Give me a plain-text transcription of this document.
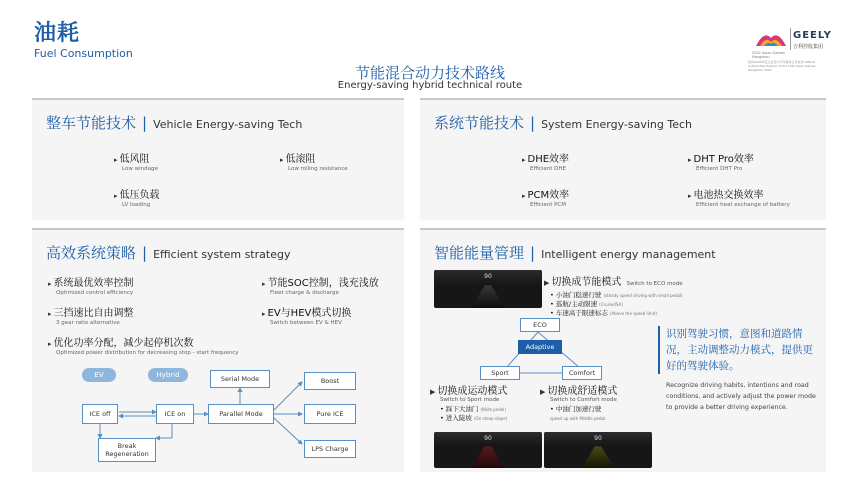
油耗
Fuel Consumption
GEELY
吉利控股集团
2022 Asian Games Hangzhou
杭州2022年亚运会官方汽车服务合作伙伴 Official Automotive Partner of the 19th Asian Games Hangzhou 2022
节能混合动力技术路线
Energy-saving hybrid technical route
整车节能技术 | Vehicle Energy-saving Tech
▸ 低风阻
Low windage
▸ 低滚阻
Low rolling resistance
▸ 低压负载
LV loading
系统节能技术 | System Energy-saving Tech
▸ DHE效率
Efficient DHE
▸ DHT Pro效率
Efficient DHT Pro
▸ PCM效率
Efficient PCM
▸ 电池热交换效率
Efficient heat exchange of battery
高效系统策略 | Efficient system strategy
▸ 系统最优效率控制
Optimized control efficiency
▸ 节能SOC控制，浅充浅放
Fleet charge & discharge
▸ 三挡速比自由调整
3 gear ratio alternative
▸ EV与HEV模式切换
Switch between EV & HEV
▸ 优化功率分配，减少起停机次数
Optimized power distribution for decreasing stop - start frequency
EV	Hybrid
ICE off	ICE on
Serial Mode
Parallel Mode
Boost
Pure ICE
LPS Charge
Break
Regeneration
智能能量管理 | Intelligent energy management
90
▶ 切换成节能模式 Switch to ECO mode
• 小油门稳速行驶 (steady speed driving with small pedal)
• 巡航/主动限速 (Cruise/ISA)
• 车速高于限速标志 (Above the speed limit)
ECO
Adaptive
Sport	Comfort
▶ 切换成运动模式
Switch to Sport mode
• 踩下大油门 (Wide pedal)
• 进入陡坡 (On steep slope)
▶ 切换成舒适模式
Switch to Comfort mode
• 中油门加速行驶
speed up with Middle pedal
90	90
识别驾驶习惯，意图和道路情况，主动调整动力模式，提供更好的驾驶体验。
Recognize driving habits, intentions and road conditions, and actively adjust the power mode to provide a better driving experience.
